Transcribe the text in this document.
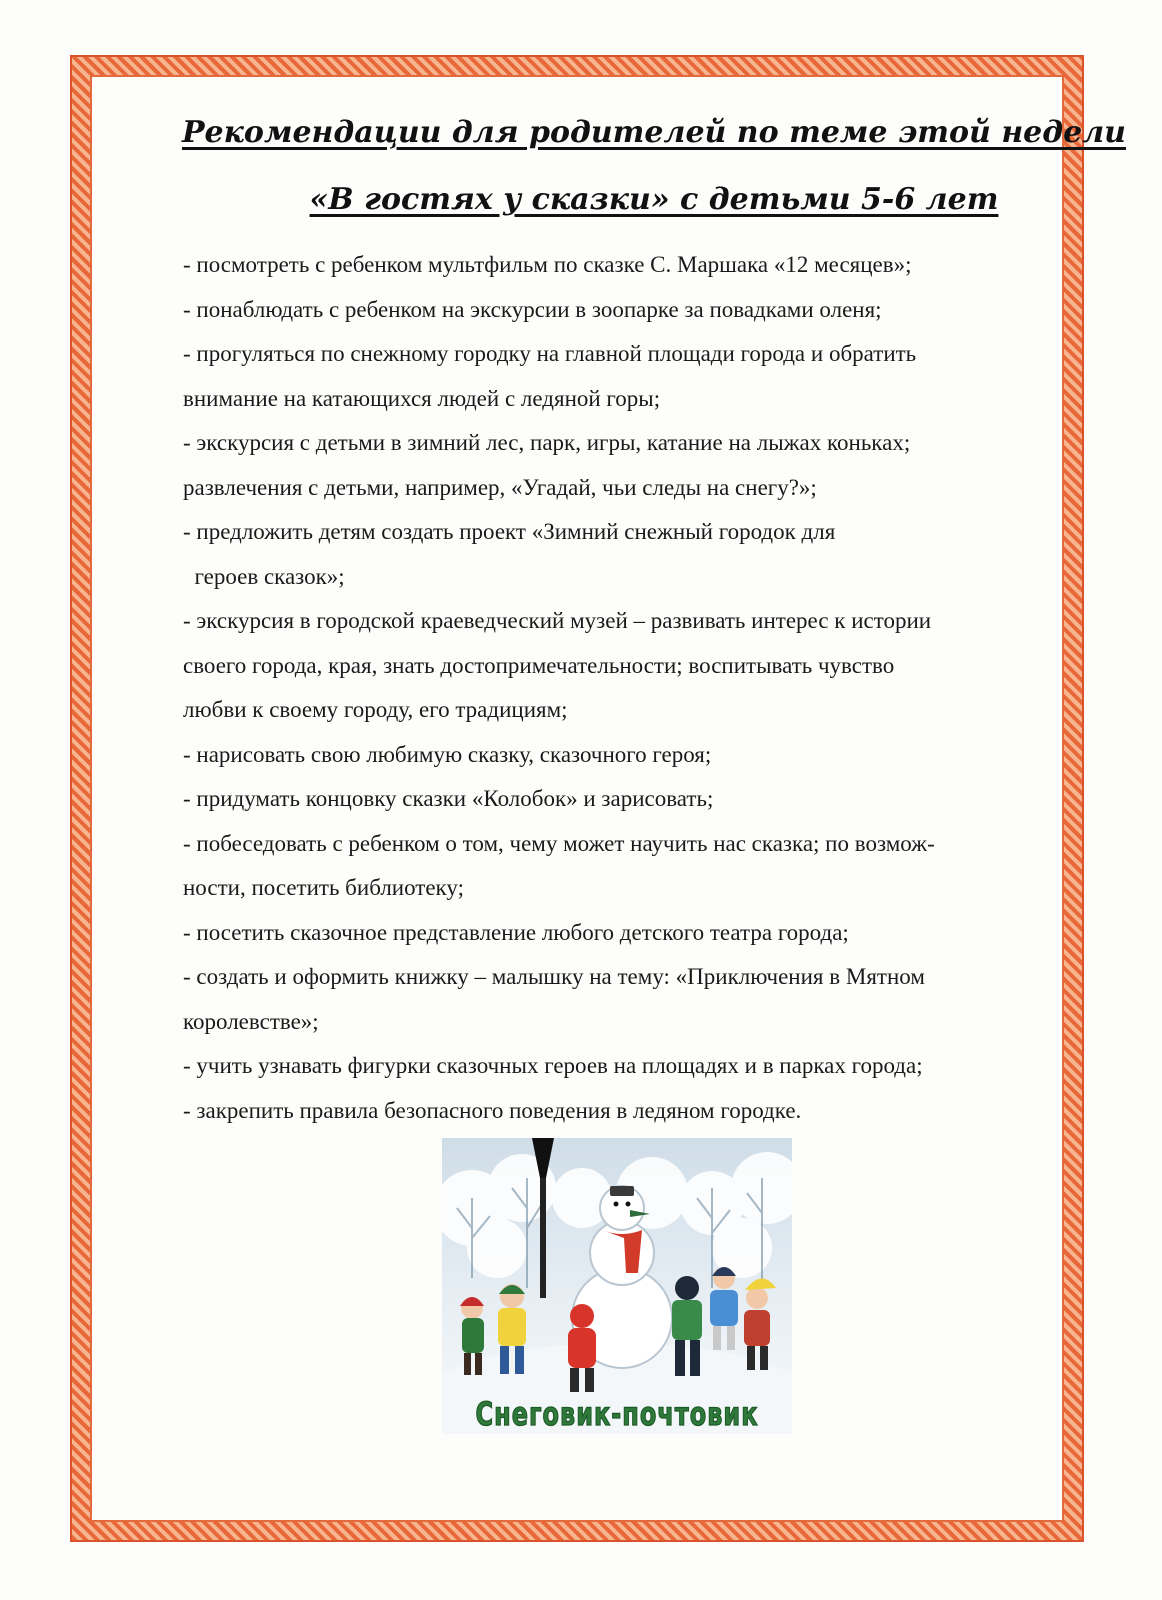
Рекомендации для родителей по теме этой недели
«В гостях у сказки» с детьми 5-6 лет
- посмотреть с ребенком мультфильм по сказке С. Маршака «12 месяцев»;
- понаблюдать с ребенком на экскурсии в зоопарке за повадками оленя;
- прогуляться по снежному городку на главной площади города и обратить
внимание на катающихся людей с ледяной горы;
- экскурсия с детьми в зимний лес, парк, игры, катание на лыжах коньках;
развлечения с детьми, например, «Угадай, чьи следы на снегу?»;
- предложить детям создать проект «Зимний снежный городок для
героев сказок»;
- экскурсия в городской краеведческий музей – развивать интерес к истории
своего города, края, знать достопримечательности; воспитывать чувство
любви к своему городу, его традициям;
- нарисовать свою любимую сказку, сказочного героя;
- придумать концовку сказки «Колобок» и зарисовать;
- побеседовать с ребенком о том, чему может научить нас сказка; по возмож-
ности, посетить библиотеку;
- посетить сказочное представление любого детского театра города;
- создать и оформить книжку – малышку на тему: «Приключения в Мятном
королевстве»;
- учить узнавать фигурки сказочных героев на площадях и в парках города;
- закрепить правила безопасного поведения в ледяном городке.
Снеговик-почтовик
